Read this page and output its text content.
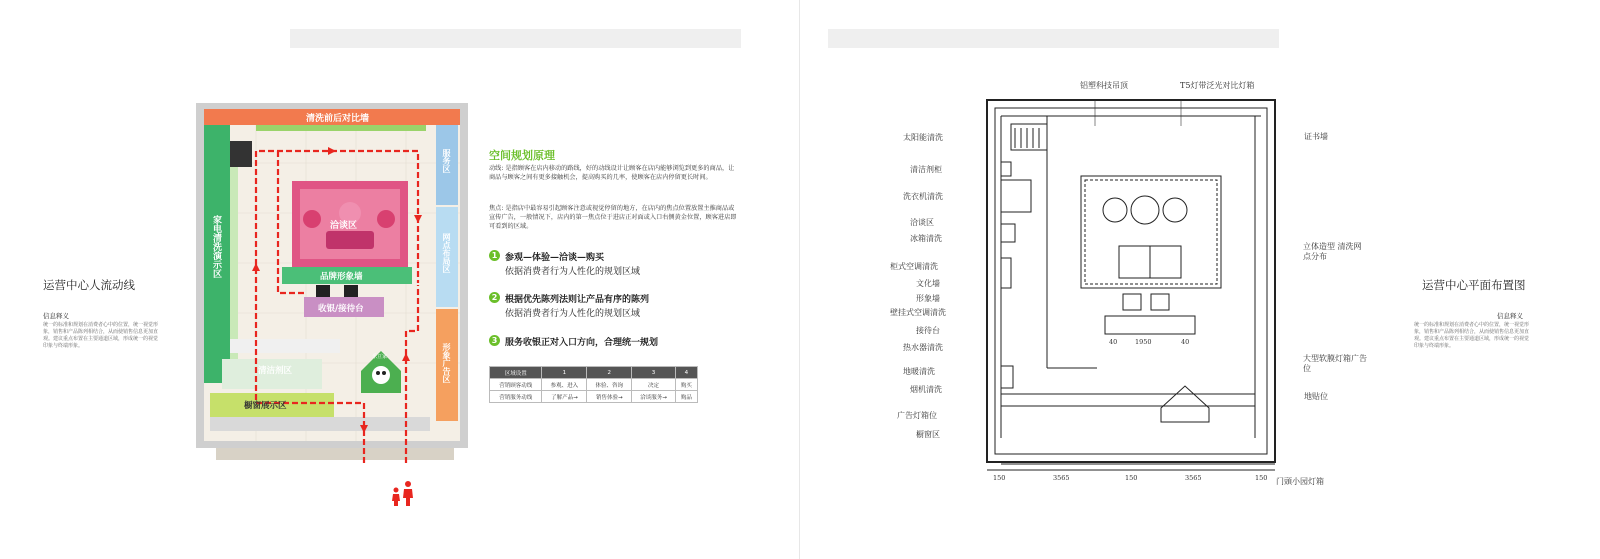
运营中心人流动线
信息释义
统一的标准和规划在消费者心中的位置，统一视觉形象，销售和产品陈列相结合，从而使销售信息更加直观。建议重点布置在主要通道区域，形成统一的视觉印象与终端形象。
清洗前后对比墙
家电清洗演示区
服务区
网点布局区
形象广告区
洽谈区
品牌形象墙
收银/接待台
清洁剂区
橱窗展示区
乐豆家
空间规划原理
动线: 是指顾客在店内移动的路线，好的动线设计让顾客在店内能够浏览到更多的商品，让商品与顾客之间有更多接触机会，提高购买的几率，使顾客在店内停留更长时间。
焦点: 是指店中最容易引起顾客注意或视觉停留的地方，在店内的焦点位置放置主推商品或宣传广告，一般情况下，店内的第一焦点位于进店正对面或入口右侧黄金位置，顾客进店即可看到的区域。
1 参观—体验—洽谈—购买
依据消费者行为人性化的规划区域
2 根据优先陈列法则让产品有序的陈列
依据消费者行为人性化的规划区域
3 服务收银正对入口方向，合理统一规划
区域设置	1	2	3	4
营销顾客动线	参观、进入	体验、咨询	决定	购买
营销服务动线	了解产品→	销售体验→	洽谈服务→	购品
150	3565	150	3565	150
40	1950	40
铝塑科技吊顶	T5灯带泛光对比灯箱
太阳能清洗
清洁剂柜
洗衣机清洗
洽谈区
冰箱清洗
柜式空调清洗
文化墙
形象墙
壁挂式空调清洗
接待台
热水器清洗
地暖清洗
烟机清洗
广告灯箱位
橱窗区
证书墙
立体造型 清洗网点分布
大型软膜灯箱广告位
地贴位
门頭小园灯箱
运营中心平面布置图
信息释义
统一的标准和规划在消费者心中的位置，统一视觉形象，销售和产品陈列相结合，从而使销售信息更加直观。建议重点布置在主要通道区域，形成统一的视觉印象与终端形象。
